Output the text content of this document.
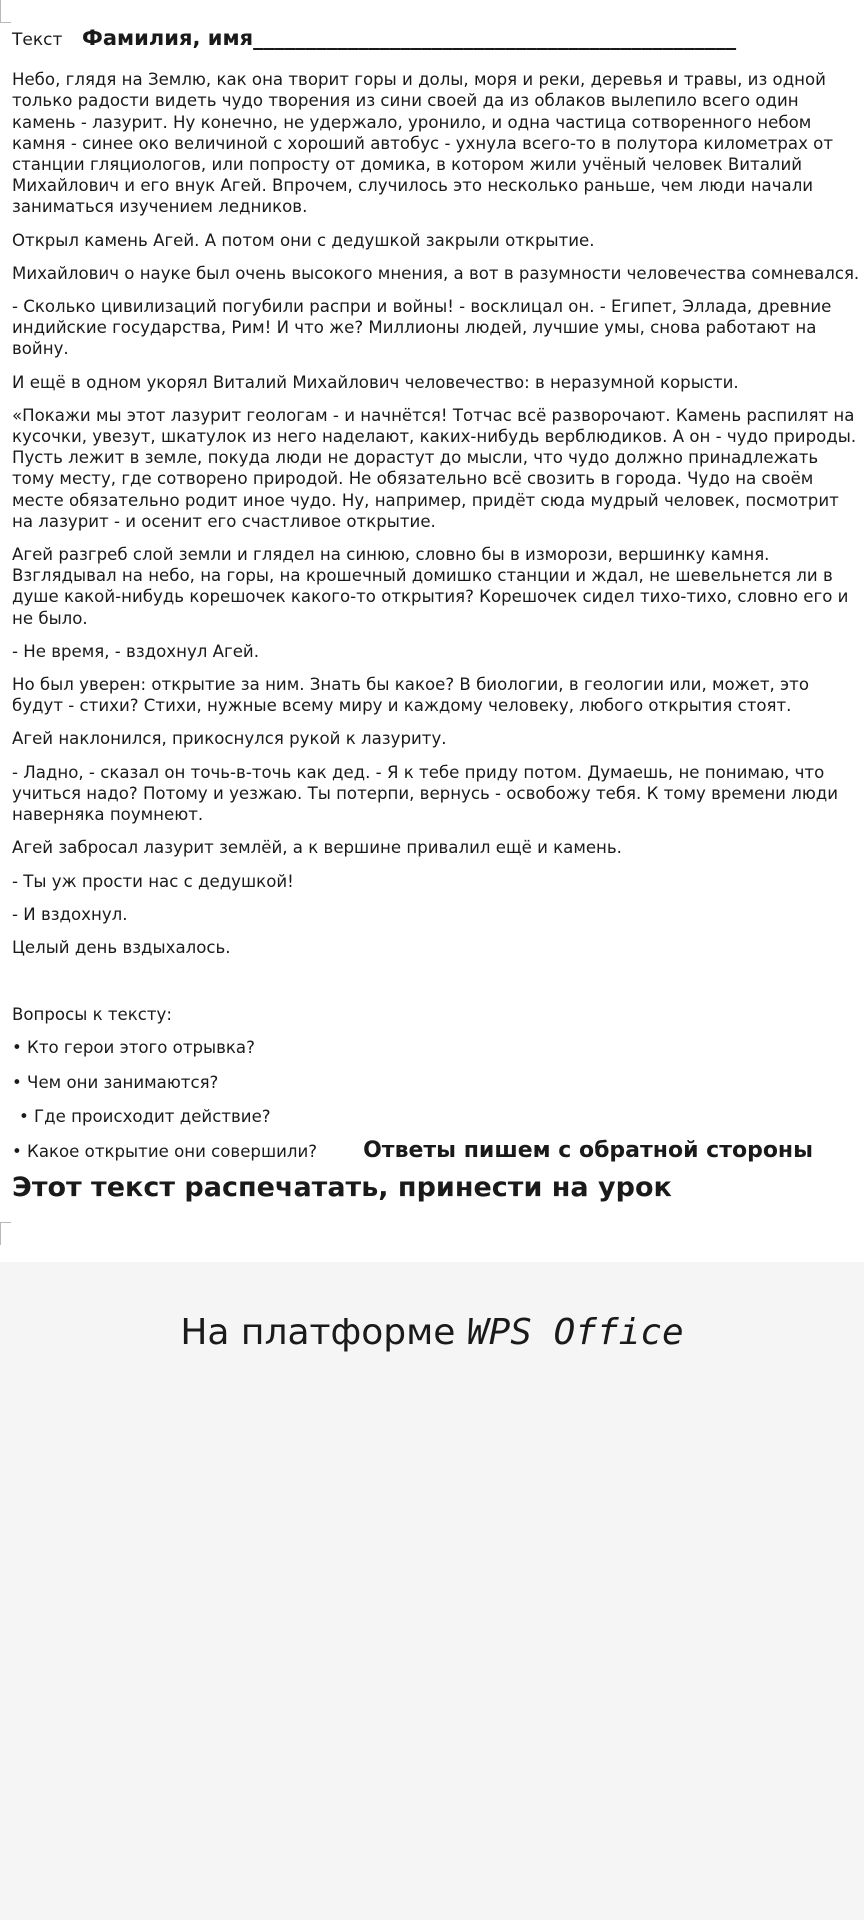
Текст Фамилия, имя______________________________________________

Небо, глядя на Землю, как она творит горы и долы, моря и реки, деревья и травы, из одной только радости видеть чудо творения из сини своей да из облаков вылепило всего один камень - лазурит. Ну конечно, не удержало, уронило, и одна частица сотворенного небом камня - синее око величиной с хороший автобус - ухнула всего-то в полутора километрах от станции гляциологов, или попросту от домика, в котором жили учёный человек Виталий Михайлович и его внук Агей. Впрочем, случилось это несколько раньше, чем люди начали заниматься изучением ледников.

Открыл камень Агей. А потом они с дедушкой закрыли открытие.

Михайлович о науке был очень высокого мнения, а вот в разумности человечества сомневался.

- Сколько цивилизаций погубили распри и войны! - восклицал он. - Египет, Эллада, древние индийские государства, Рим! И что же? Миллионы людей, лучшие умы, снова работают на войну.

И ещё в одном укорял Виталий Михайлович человечество: в неразумной корысти.

«Покажи мы этот лазурит геологам - и начнётся! Тотчас всё разворочают. Камень распилят на кусочки, увезут, шкатулок из него наделают, каких-нибудь верблюдиков. А он - чудо природы. Пусть лежит в земле, покуда люди не дорастут до мысли, что чудо должно принадлежать тому месту, где сотворено природой. Не обязательно всё свозить в города. Чудо на своём месте обязательно родит иное чудо. Ну, например, придёт сюда мудрый человек, посмотрит на лазурит - и осенит его счастливое открытие.

Агей разгреб слой земли и глядел на синюю, словно бы в изморози, вершинку камня. Взглядывал на небо, на горы, на крошечный домишко станции и ждал, не шевельнется ли в душе какой-нибудь корешочек какого-то открытия? Корешочек сидел тихо-тихо, словно его и не было.

- Не время, - вздохнул Агей.

Но был уверен: открытие за ним. Знать бы какое? В биологии, в геологии или, может, это будут - стихи? Стихи, нужные всему миру и каждому человеку, любого открытия стоят.

Агей наклонился, прикоснулся рукой к лазуриту.

- Ладно, - сказал он точь-в-точь как дед. - Я к тебе приду потом. Думаешь, не понимаю, что учиться надо? Потому и уезжаю. Ты потерпи, вернусь - освобожу тебя. К тому времени люди наверняка поумнеют.

Агей забросал лазурит землёй, а к вершине привалил ещё и камень.

- Ты уж прости нас с дедушкой!

- И вздохнул.

Целый день вздыхалось.

Вопросы к тексту:

• Кто герои этого отрывка?

• Чем они занимаются?

• Где происходит действие?

• Какое открытие они совершили? Ответы пишем с обратной стороны
Этот текст распечатать, принести на урок
На платформе WPS Office
